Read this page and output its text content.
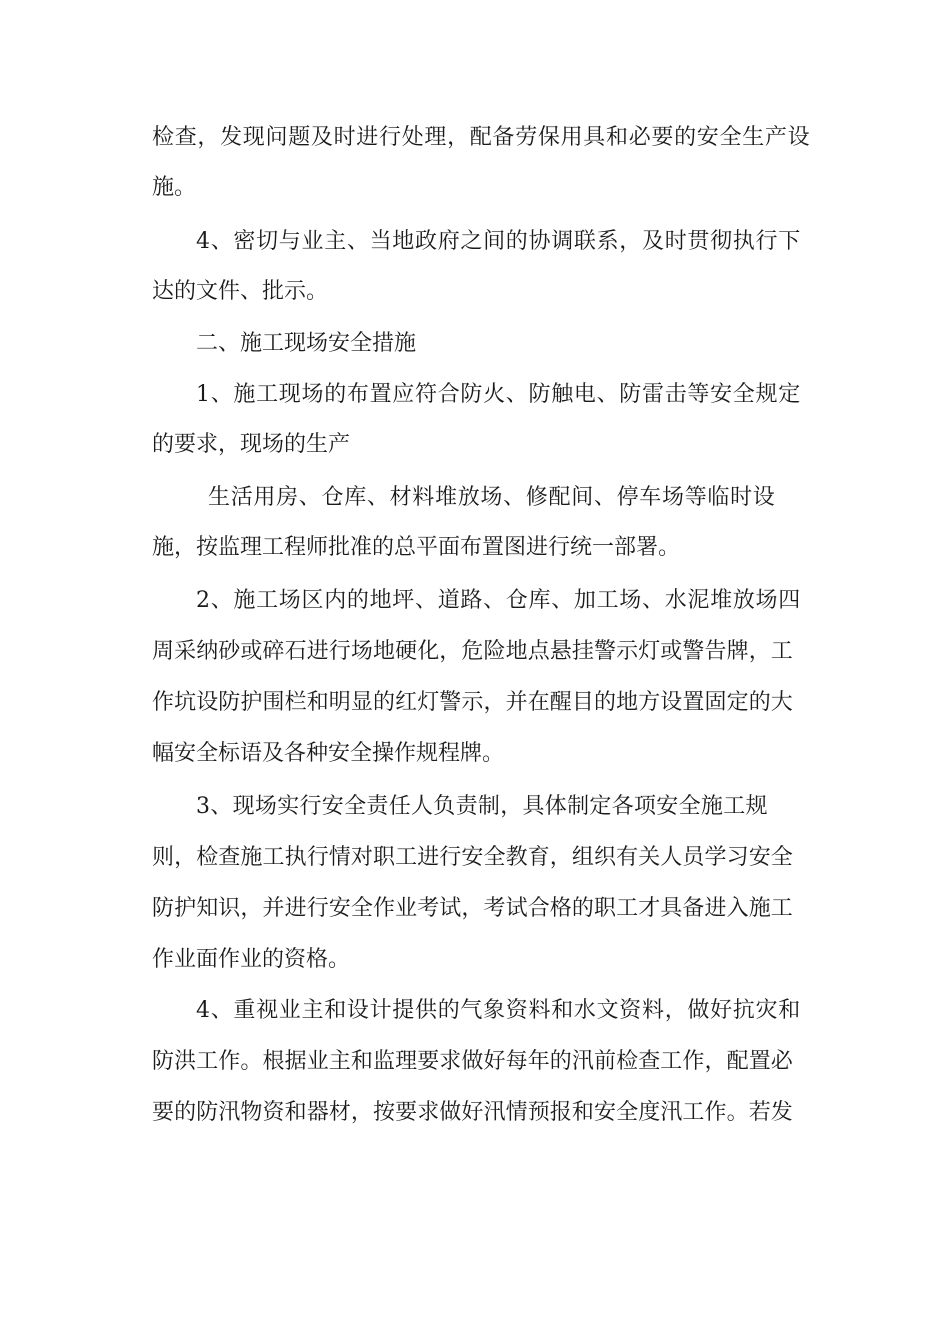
检查，发现问题及时进行处理，配备劳保用具和必要的安全生产设
施。
4、密切与业主、当地政府之间的协调联系，及时贯彻执行下
达的文件、批示。
二、施工现场安全措施
1、施工现场的布置应符合防火、防触电、防雷击等安全规定
的要求，现场的生产
生活用房、仓库、材料堆放场、修配间、停车场等临时设
施，按监理工程师批准的总平面布置图进行统一部署。
2、施工场区内的地坪、道路、仓库、加工场、水泥堆放场四
周采纳砂或碎石进行场地硬化，危险地点悬挂警示灯或警告牌，工
作坑设防护围栏和明显的红灯警示，并在醒目的地方设置固定的大
幅安全标语及各种安全操作规程牌。
3、现场实行安全责任人负责制，具体制定各项安全施工规
则，检查施工执行情对职工进行安全教育，组织有关人员学习安全
防护知识，并进行安全作业考试，考试合格的职工才具备进入施工
作业面作业的资格。
4、重视业主和设计提供的气象资料和水文资料，做好抗灾和
防洪工作。根据业主和监理要求做好每年的汛前检查工作，配置必
要的防汛物资和器材，按要求做好汛情预报和安全度汛工作。若发
